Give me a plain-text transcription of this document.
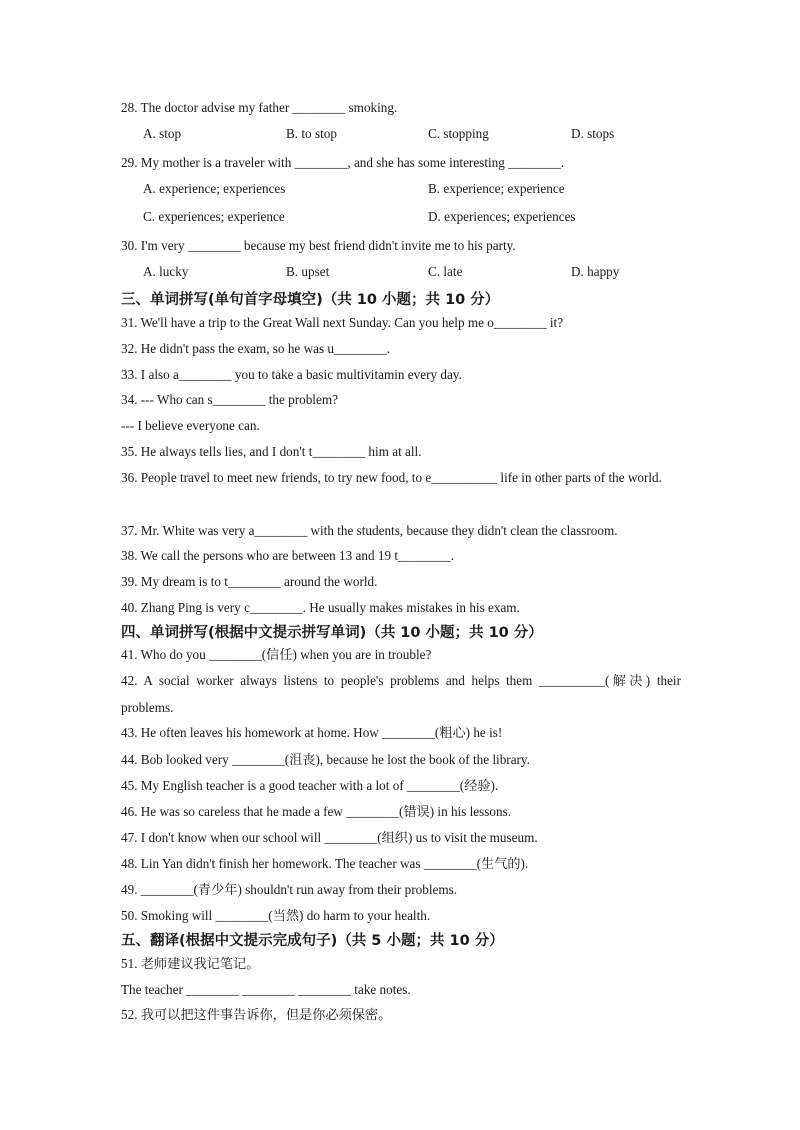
28. The doctor advise my father ________ smoking.
A. stop	B. to stop	C. stopping	D. stops
29. My mother is a traveler with ________, and she has some interesting ________.
A. experience; experiences	B. experience; experience
C. experiences; experience	D. experiences; experiences
30. I'm very ________ because my best friend didn't invite me to his party.
A. lucky	B. upset	C. late	D. happy
三、单词拼写(单句首字母填空)（共 10 小题；共 10 分）
31. We'll have a trip to the Great Wall next Sunday. Can you help me o________ it?
32. He didn't pass the exam, so he was u________.
33. I also a________ you to take a basic multivitamin every day.
34. --- Who can s________ the problem?
--- I believe everyone can.
35. He always tells lies, and I don't t________ him at all.
36. People travel to meet new friends, to try new food, to e__________ life in other parts of the world.
37. Mr. White was very a________ with the students, because they didn't clean the classroom.
38. We call the persons who are between 13 and 19 t________.
39. My dream is to t________ around the world.
40. Zhang Ping is very c________. He usually makes mistakes in his exam.
四、单词拼写(根据中文提示拼写单词)（共 10 小题；共 10 分）
41. Who do you ________(信任) when you are in trouble?
42. A social worker always listens to people's problems and helps them __________(解决) their problems.
43. He often leaves his homework at home. How ________(粗心) he is!
44. Bob looked very ________(沮丧), because he lost the book of the library.
45. My English teacher is a good teacher with a lot of ________(经验).
46. He was so careless that he made a few ________(错误) in his lessons.
47. I don't know when our school will ________(组织) us to visit the museum.
48. Lin Yan didn't finish her homework. The teacher was ________(生气的).
49. ________(青少年) shouldn't run away from their problems.
50. Smoking will ________(当然) do harm to your health.
五、翻译(根据中文提示完成句子)（共 5 小题；共 10 分）
51. 老师建议我记笔记。
The teacher ________ ________ ________ take notes.
52. 我可以把这件事告诉你，但是你必须保密。
